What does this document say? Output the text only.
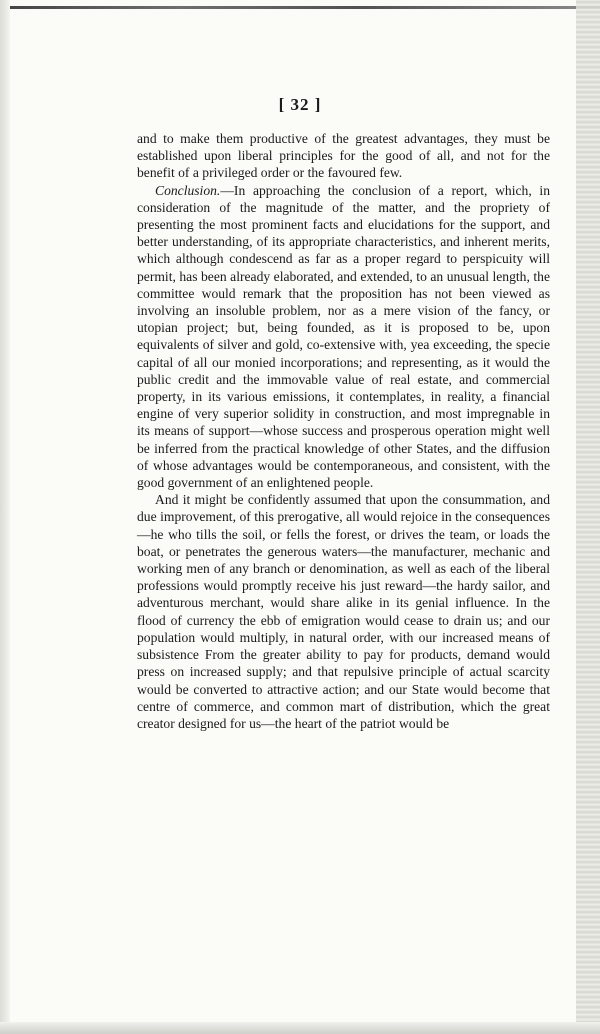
[ 32 ]

and to make them productive of the greatest advantages, they must be established upon liberal principles for the good of all, and not for the benefit of a privileged order or the favoured few.

Conclusion.—In approaching the conclusion of a report, which, in consideration of the magnitude of the matter, and the propriety of presenting the most prominent facts and elucidations for the support, and better understanding, of its appropriate characteristics, and inherent merits, which although condescend as far as a proper regard to perspicuity will permit, has been already elaborated, and extended, to an unusual length, the committee would remark that the proposition has not been viewed as involving an insoluble problem, nor as a mere vision of the fancy, or utopian project; but, being founded, as it is proposed to be, upon equivalents of silver and gold, co-extensive with, yea exceeding, the specie capital of all our monied incorporations; and representing, as it would the public credit and the immovable value of real estate, and commercial property, in its various emissions, it contemplates, in reality, a financial engine of very superior solidity in construction, and most impregnable in its means of support—whose success and prosperous operation might well be inferred from the practical knowledge of other States, and the diffusion of whose advantages would be contemporaneous, and consistent, with the good government of an enlightened people.

And it might be confidently assumed that upon the consummation, and due improvement, of this prerogative, all would rejoice in the consequences—he who tills the soil, or fells the forest, or drives the team, or loads the boat, or penetrates the generous waters—the manufacturer, mechanic and working men of any branch or denomination, as well as each of the liberal professions would promptly receive his just reward—the hardy sailor, and adventurous merchant, would share alike in its genial influence. In the flood of currency the ebb of emigration would cease to drain us; and our population would multiply, in natural order, with our increased means of subsistence From the greater ability to pay for products, demand would press on increased supply; and that repulsive principle of actual scarcity would be converted to attractive action; and our State would become that centre of commerce, and common mart of distribution, which the great creator designed for us—the heart of the patriot would be
